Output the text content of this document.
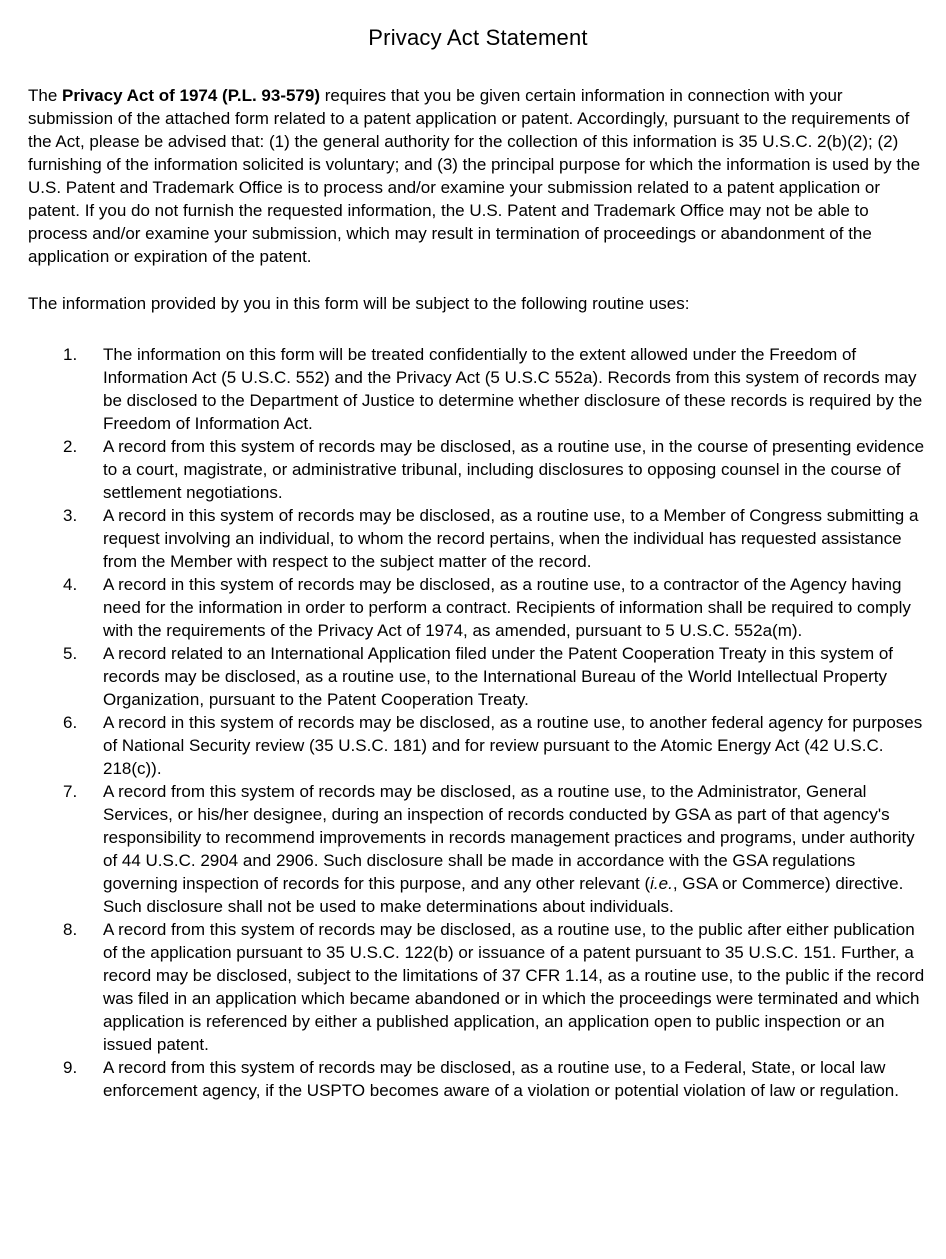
Privacy Act Statement

The Privacy Act of 1974 (P.L. 93-579) requires that you be given certain information in connection with your submission of the attached form related to a patent application or patent. Accordingly, pursuant to the requirements of the Act, please be advised that: (1) the general authority for the collection of this information is 35 U.S.C. 2(b)(2); (2) furnishing of the information solicited is voluntary; and (3) the principal purpose for which the information is used by the U.S. Patent and Trademark Office is to process and/or examine your submission related to a patent application or patent. If you do not furnish the requested information, the U.S. Patent and Trademark Office may not be able to process and/or examine your submission, which may result in termination of proceedings or abandonment of the application or expiration of the patent.

The information provided by you in this form will be subject to the following routine uses:

1.	The information on this form will be treated confidentially to the extent allowed under the Freedom of Information Act (5 U.S.C. 552) and the Privacy Act (5 U.S.C 552a). Records from this system of records may be disclosed to the Department of Justice to determine whether disclosure of these records is required by the Freedom of Information Act.
2.	A record from this system of records may be disclosed, as a routine use, in the course of presenting evidence to a court, magistrate, or administrative tribunal, including disclosures to opposing counsel in the course of settlement negotiations.
3.	A record in this system of records may be disclosed, as a routine use, to a Member of Congress submitting a request involving an individual, to whom the record pertains, when the individual has requested assistance from the Member with respect to the subject matter of the record.
4.	A record in this system of records may be disclosed, as a routine use, to a contractor of the Agency having need for the information in order to perform a contract. Recipients of information shall be required to comply with the requirements of the Privacy Act of 1974, as amended, pursuant to 5 U.S.C. 552a(m).
5.	A record related to an International Application filed under the Patent Cooperation Treaty in this system of records may be disclosed, as a routine use, to the International Bureau of the World Intellectual Property Organization, pursuant to the Patent Cooperation Treaty.
6.	A record in this system of records may be disclosed, as a routine use, to another federal agency for purposes of National Security review (35 U.S.C. 181) and for review pursuant to the Atomic Energy Act (42 U.S.C. 218(c)).
7.	A record from this system of records may be disclosed, as a routine use, to the Administrator, General Services, or his/her designee, during an inspection of records conducted by GSA as part of that agency's responsibility to recommend improvements in records management practices and programs, under authority of 44 U.S.C. 2904 and 2906. Such disclosure shall be made in accordance with the GSA regulations governing inspection of records for this purpose, and any other relevant (i.e., GSA or Commerce) directive. Such disclosure shall not be used to make determinations about individuals.
8.	A record from this system of records may be disclosed, as a routine use, to the public after either publication of the application pursuant to 35 U.S.C. 122(b) or issuance of a patent pursuant to 35 U.S.C. 151. Further, a record may be disclosed, subject to the limitations of 37 CFR 1.14, as a routine use, to the public if the record was filed in an application which became abandoned or in which the proceedings were terminated and which application is referenced by either a published application, an application open to public inspection or an issued patent.
9.	A record from this system of records may be disclosed, as a routine use, to a Federal, State, or local law enforcement agency, if the USPTO becomes aware of a violation or potential violation of law or regulation.
